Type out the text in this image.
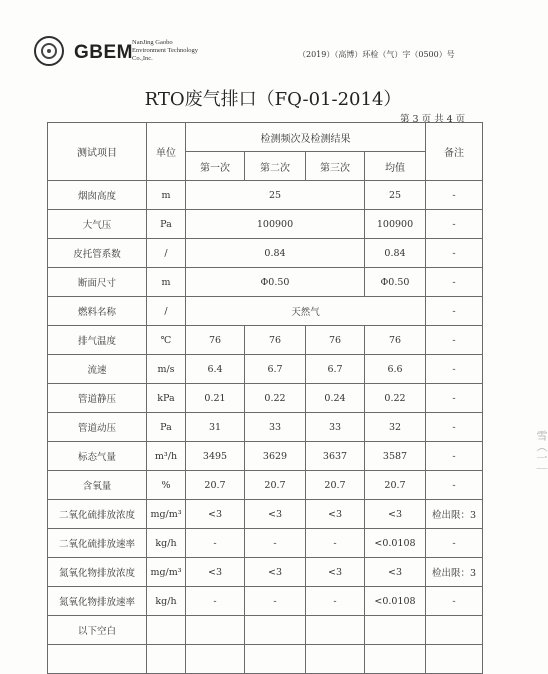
GBEM NanJing Gaobo
Environment Technology
Co.,Inc.	（2019）（高博）环检（气）字（0500）号
RTO废气排口（FQ-01-2014）
第 3 页 共 4 页
测试项目	单位	检测频次及检测结果				备注
		第一次	第二次	第三次	均值	
烟囱高度	m	25			25	-
大气压	Pa	100900			100900	-
皮托管系数	/	0.84			0.84	-
断面尺寸	m	Φ0.50			Φ0.50	-
燃料名称	/	天然气				-
排气温度	℃	76	76	76	76	-
流速	m/s	6.4	6.7	6.7	6.6	-
管道静压	kPa	0.21	0.22	0.24	0.22	-
管道动压	Pa	31	33	33	32	-
标态气量	m³/h	3495	3629	3637	3587	-
含氧量	%	20.7	20.7	20.7	20.7	-
二氧化硫排放浓度	mg/m³	<3	<3	<3	<3	检出限：3
二氧化硫排放速率	kg/h	-	-	-	<0.0108	-
氮氧化物排放浓度	mg/m³	<3	<3	<3	<3	检出限：3
氮氧化物排放速率	kg/h	-	-	-	<0.0108	-
以下空白						

雪（一｜
